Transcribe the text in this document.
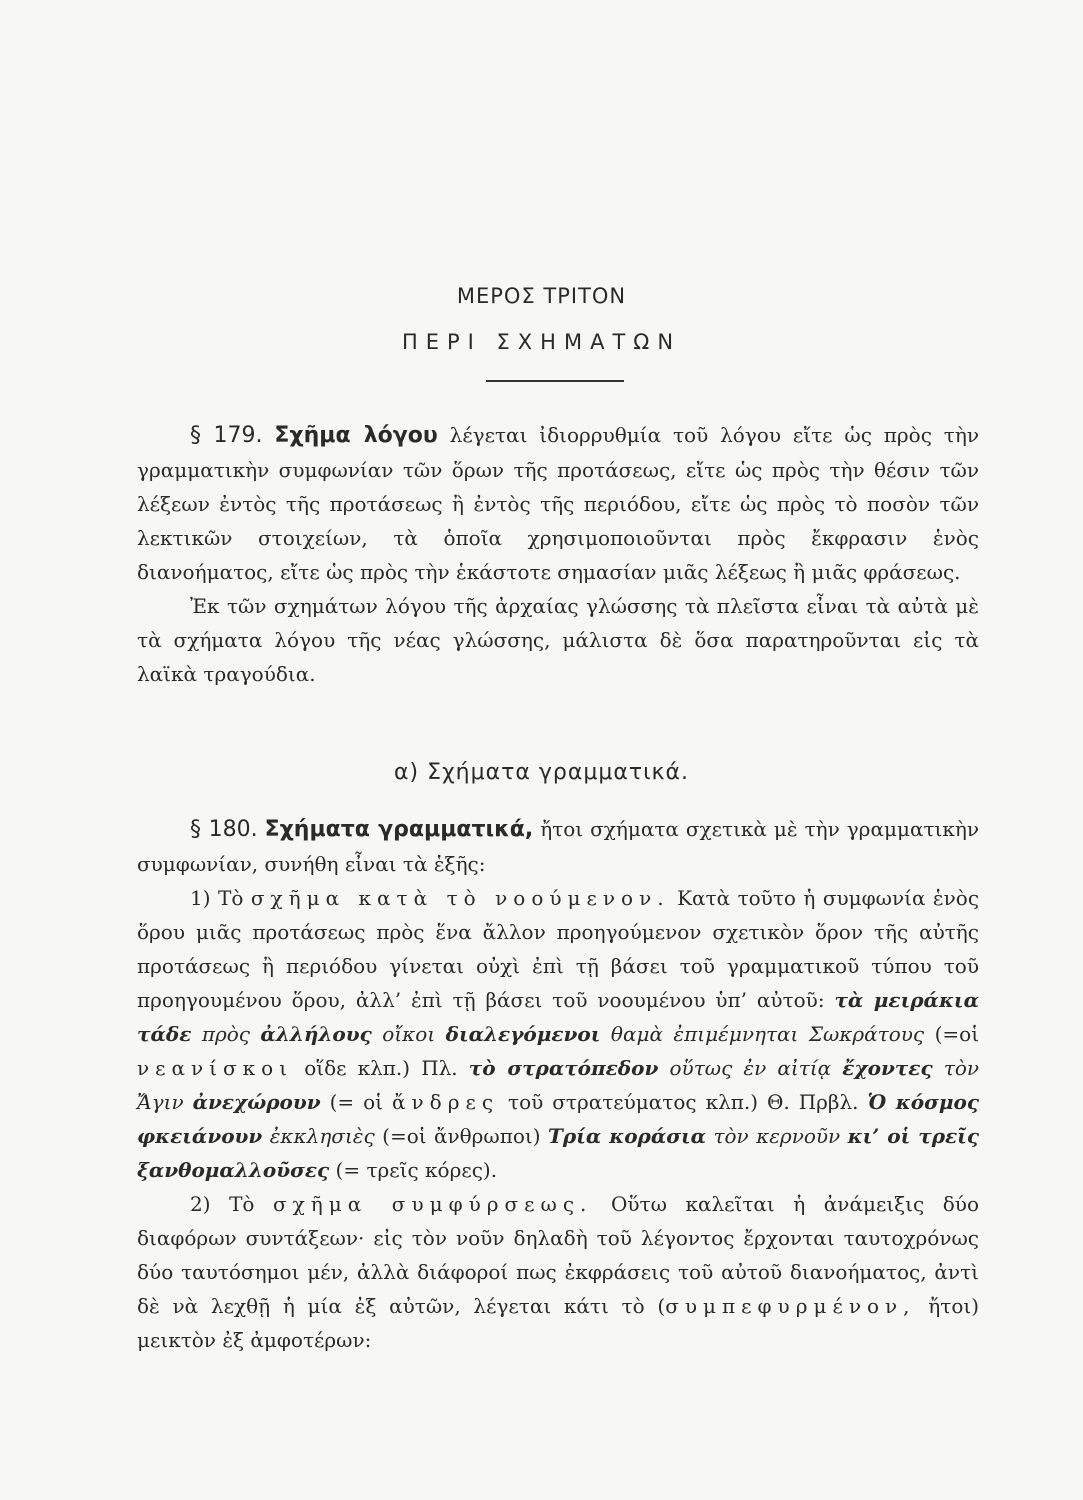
ΜΕΡΟΣ ΤΡΙΤΟΝ
ΠΕΡΙ ΣΧΗΜΑΤΩΝ

§ 179. Σχῆμα λόγου λέγεται ἰδιορρυθμία τοῦ λόγου εἴτε ὡς πρὸς τὴν γραμματικὴν συμφωνίαν τῶν ὅρων τῆς προτάσεως, εἴτε ὡς πρὸς τὴν θέσιν τῶν λέξεων ἐντὸς τῆς προτάσεως ἢ ἐντὸς τῆς περιόδου, εἴτε ὡς πρὸς τὸ ποσὸν τῶν λεκτικῶν στοιχείων, τὰ ὁποῖα χρησιμοποιοῦνται πρὸς ἔκφρασιν ἑνὸς διανοήματος, εἴτε ὡς πρὸς τὴν ἑκάστοτε σημασίαν μιᾶς λέξεως ἢ μιᾶς φράσεως.

Ἐκ τῶν σχημάτων λόγου τῆς ἀρχαίας γλώσσης τὰ πλεῖστα εἶναι τὰ αὐτὰ μὲ τὰ σχήματα λόγου τῆς νέας γλώσσης, μάλιστα δὲ ὅσα παρατηροῦνται εἰς τὰ λαϊκὰ τραγούδια.

α) Σχήματα γραμματικά.

§ 180. Σχήματα γραμματικά, ἤτοι σχήματα σχετικὰ μὲ τὴν γραμματικὴν συμφωνίαν, συνήθη εἶναι τὰ ἑξῆς:

1) Τὸ σχῆμα κατὰ τὸ νοούμενον. Κατὰ τοῦτο ἡ συμφωνία ἑνὸς ὅρου μιᾶς προτάσεως πρὸς ἕνα ἄλλον προηγούμενον σχετικὸν ὅρον τῆς αὐτῆς προτάσεως ἢ περιόδου γίνεται οὐχὶ ἐπὶ τῇ βάσει τοῦ γραμματικοῦ τύπου τοῦ προηγουμένου ὅρου, ἀλλ’ ἐπὶ τῇ βάσει τοῦ νοουμένου ὑπ’ αὐτοῦ: τὰ μειράκια τάδε πρὸς ἀλλήλους οἴκοι διαλεγόμενοι θαμὰ ἐπιμέμνηται Σωκράτους (=οἱ νεανίσκοι οἵδε κλπ.) Πλ. τὸ στρατόπεδον οὕτως ἐν αἰτίᾳ ἔχοντες τὸν Ἄγιν ἀνεχώρουν (= οἱ ἄνδρες τοῦ στρατεύματος κλπ.) Θ. Πρβλ. Ὁ κόσμος φκειάνουν ἐκκλησιὲς (=οἱ ἄνθρωποι) Τρία κοράσια τὸν κερνοῦν κι’ οἱ τρεῖς ξανθομαλλοῦσες (= τρεῖς κόρες).

2) Τὸ σχῆμα συμφύρσεως. Οὕτω καλεῖται ἡ ἀνάμειξις δύο διαφόρων συντάξεων· εἰς τὸν νοῦν δηλαδὴ τοῦ λέγοντος ἔρχονται ταυτοχρόνως δύο ταυτόσημοι μέν, ἀλλὰ διάφοροί πως ἐκφράσεις τοῦ αὐτοῦ διανοήματος, ἀντὶ δὲ νὰ λεχθῇ ἡ μία ἐξ αὐτῶν, λέγεται κάτι τὸ (συμπεφυρμένον, ἤτοι) μεικτὸν ἐξ ἀμφοτέρων:
